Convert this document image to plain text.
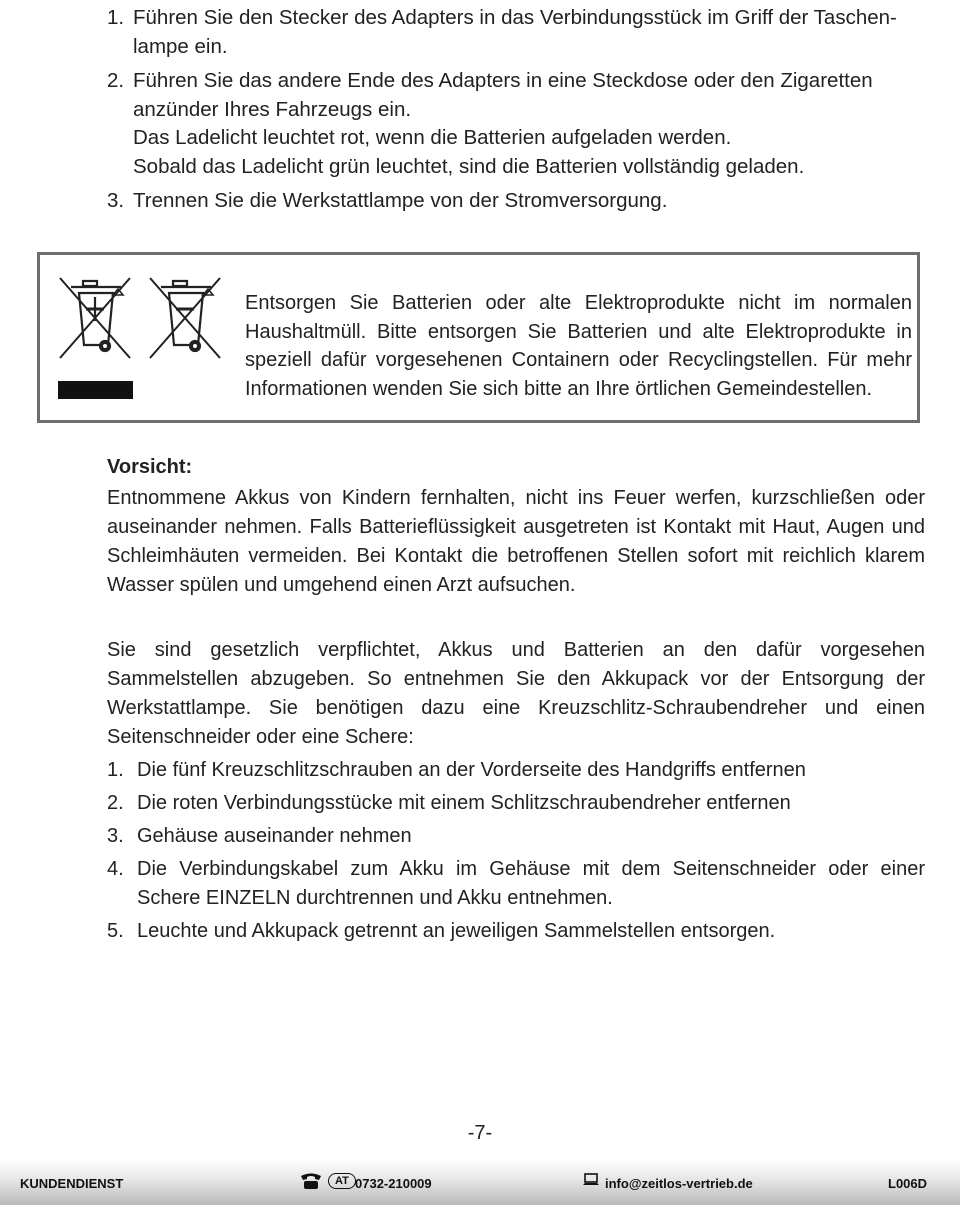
1. Führen Sie den Stecker des Adapters in das Verbindungsstück im Griff der Taschen-
lampe ein.
2. Führen Sie das andere Ende des Adapters in eine Steckdose oder den Zigaretten
anzünder Ihres Fahrzeugs ein.
Das Ladelicht leuchtet rot, wenn die Batterien aufgeladen werden.
Sobald das Ladelicht grün leuchtet, sind die Batterien vollständig geladen.
3. Trennen Sie die Werkstattlampe von der Stromversorgung.

Entsorgen Sie Batterien oder alte Elektroprodukte nicht im normalen Haushaltmüll. Bitte entsorgen Sie Batterien und alte Elektroprodukte in speziell dafür vorgesehenen Containern oder Recyclingstellen. Für mehr Informationen wenden Sie sich bitte an Ihre örtlichen Gemeindestellen.

Vorsicht:

Entnommene Akkus von Kindern fernhalten, nicht ins Feuer werfen, kurzschließen oder auseinander nehmen. Falls Batterieflüssigkeit ausgetreten ist Kontakt mit Haut, Augen und Schleimhäuten vermeiden. Bei Kontakt die betroffenen Stellen sofort mit reichlich klarem Wasser spülen und umgehend einen Arzt aufsuchen.

Sie sind gesetzlich verpflichtet, Akkus und Batterien an den dafür vorgesehen Sammelstellen abzugeben. So entnehmen Sie den Akkupack vor der Entsorgung der Werkstattlampe. Sie benötigen dazu eine Kreuzschlitz-Schraubendreher und einen Seitenschneider oder eine Schere:

1. Die fünf Kreuzschlitzschrauben an der Vorderseite des Handgriffs entfernen
2. Die roten Verbindungsstücke mit einem Schlitzschraubendreher entfernen
3. Gehäuse auseinander nehmen
4. Die Verbindungskabel zum Akku im Gehäuse mit dem Seitenschneider oder einer Schere EINZELN durchtrennen und Akku entnehmen.
5. Leuchte und Akkupack getrennt an jeweiligen Sammelstellen entsorgen.
-7-
KUNDENDIENST	AT 0732-210009	info@zeitlos-vertrieb.de	L006D
